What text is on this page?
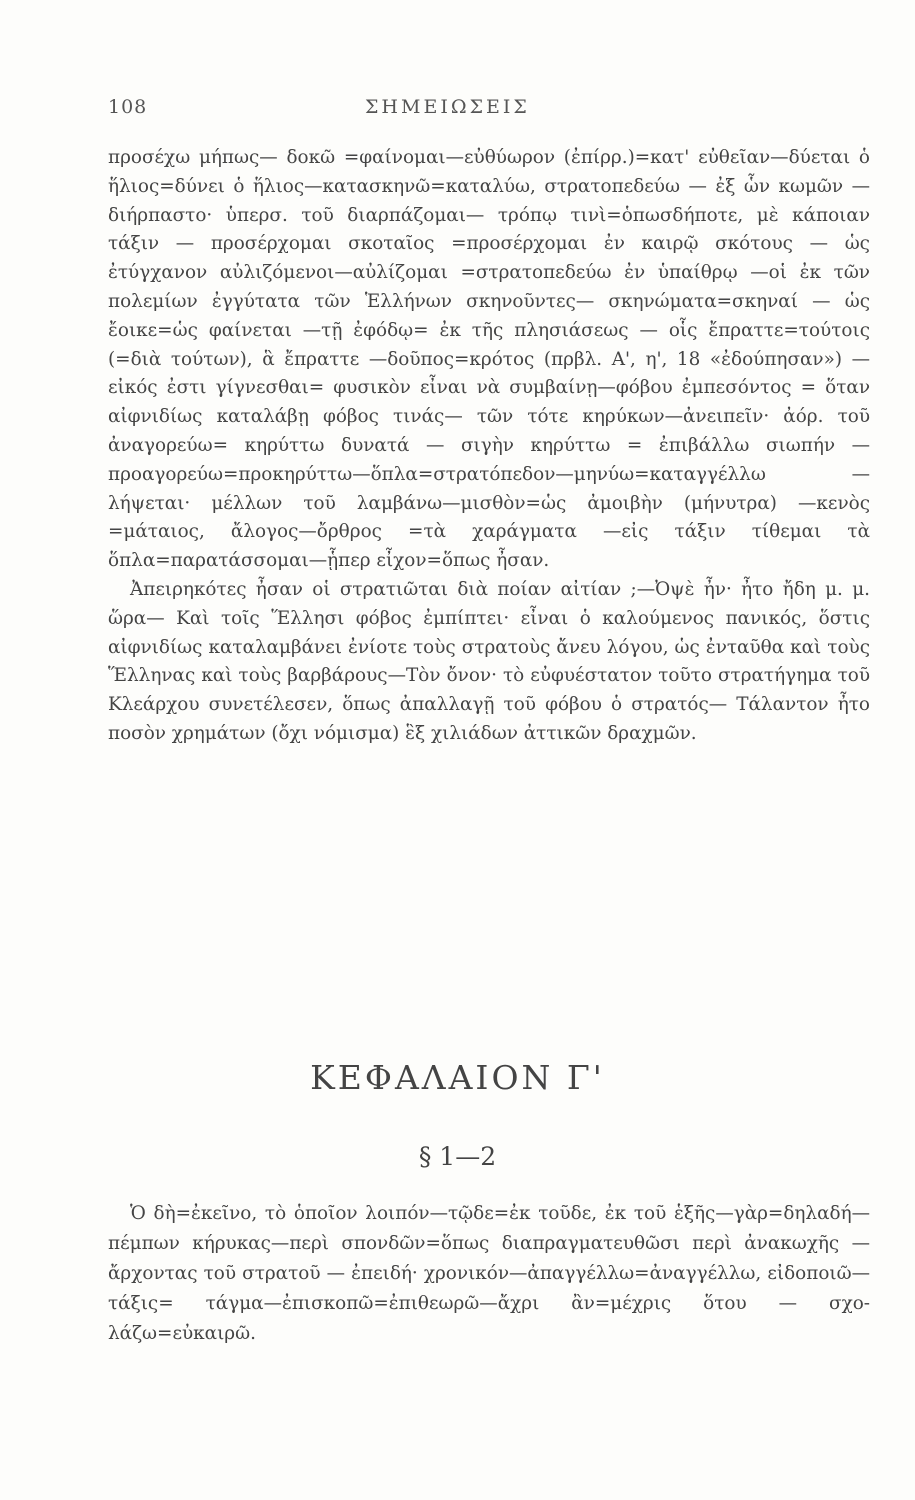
108	ΣΗΜΕΙΩΣΕΙΣ

προσέχω μήπως— δοκῶ =φαίνομαι—εὐθύωρον (ἐπίρρ.)=κατ' εὐθεῖαν—δύεται ὁ ἥλιος=δύνει ὁ ἥλιος—κατασκηνῶ=καταλύω, στρατοπεδεύω — ἐξ ὧν κωμῶν — διήρπαστο· ὑπερσ. τοῦ διαρπάζομαι— τρόπῳ τινὶ=ὁπωσδήποτε, μὲ κάποιαν τάξιν — προσέρχομαι σκοταῖος =προσέρχομαι ἐν καιρῷ σκότους — ὡς ἐτύγχανον αὐλιζόμενοι—αὐλίζομαι =στρατοπεδεύω ἐν ὑπαίθρῳ —οἱ ἐκ τῶν πολεμίων ἐγγύτατα τῶν Ἑλλήνων σκηνοῦντες— σκηνώματα=σκηναί — ὡς ἔοικε=ὡς φαίνεται —τῇ ἐφόδῳ= ἐκ τῆς πλησιάσεως — οἷς ἔπραττε=τούτοις (=διὰ τούτων), ἃ ἔπραττε —δοῦπος=κρότος (πρβλ. Α', η', 18 «ἐδούπησαν») — εἰκός ἐστι γίγνεσθαι= φυσικὸν εἶναι νὰ συμβαίνῃ—φόβου ἐμπεσόντος = ὅταν αἰφνιδίως καταλάβῃ φόβος τινάς— τῶν τότε κηρύκων—ἀνειπεῖν· ἀόρ. τοῦ ἀναγορεύω= κηρύττω δυνατά — σιγὴν κηρύττω = ἐπιβάλλω σιωπήν — προαγορεύω=προκηρύττω—ὅπλα=στρατόπεδον—μηνύω=καταγγέλλω —λήψεται· μέλλων τοῦ λαμβάνω—μισθὸν=ὡς ἀμοιβὴν (μήνυτρα) —κενὸς =μάταιος, ἄλογος—ὄρθρος =τὰ χαράγματα —εἰς τάξιν τίθεμαι τὰ ὅπλα=παρατάσσομαι—ᾗπερ εἶχον=ὅπως ἦσαν.

Ἀπειρηκότες ἦσαν οἱ στρατιῶται διὰ ποίαν αἰτίαν ;—Ὀψὲ ἦν· ἦτο ἤδη μ. μ. ὥρα— Καὶ τοῖς Ἕλλησι φόβος ἐμπίπτει· εἶναι ὁ καλούμενος πανικός, ὅστις αἰφνιδίως καταλαμβάνει ἐνίοτε τοὺς στρατοὺς ἄνευ λόγου, ὡς ἐνταῦθα καὶ τοὺς Ἕλληνας καὶ τοὺς βαρβάρους—Τὸν ὄνον· τὸ εὐφυέστατον τοῦτο στρατήγημα τοῦ Κλεάρχου συνετέλεσεν, ὅπως ἀπαλλαγῇ τοῦ φόβου ὁ στρατός— Τάλαντον ἦτο ποσὸν χρημάτων (ὄχι νόμισμα) ἓξ χιλιάδων ἀττικῶν δραχμῶν.

ΚΕΦΑΛΑΙΟΝ Γ'
§ 1—2

Ὁ δὴ=ἐκεῖνο, τὸ ὁποῖον λοιπόν—τῷδε=ἐκ τοῦδε, ἐκ τοῦ ἑξῆς—γὰρ=δηλαδή—πέμπων κήρυκας—περὶ σπονδῶν=ὅπως διαπραγματευθῶσι περὶ ἀνακωχῆς — ἄρχοντας τοῦ στρατοῦ — ἐπειδή· χρονικόν—ἀπαγγέλλω=ἀναγγέλλω, εἰδοποιῶ—τάξις= τάγμα—ἐπισκοπῶ=ἐπιθεωρῶ—ἄχρι ἂν=μέχρις ὅτου — σχολάζω=εὐκαιρῶ.
